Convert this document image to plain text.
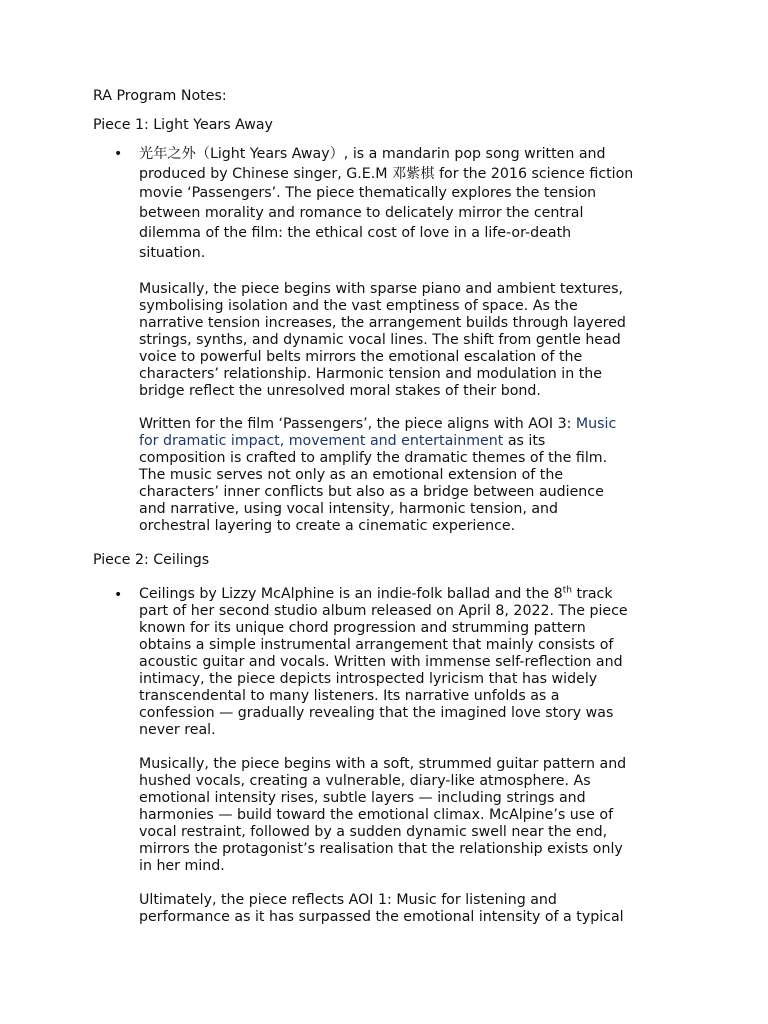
RA Program Notes:
Piece 1: Light Years Away
• 光年之外（Light Years Away）, is a mandarin pop song written and
produced by Chinese singer, G.E.M 邓紫棋 for the 2016 science fiction
movie ‘Passengers’. The piece thematically explores the tension
between morality and romance to delicately mirror the central
dilemma of the film: the ethical cost of love in a life-or-death
situation.

Musically, the piece begins with sparse piano and ambient textures,
symbolising isolation and the vast emptiness of space. As the
narrative tension increases, the arrangement builds through layered
strings, synths, and dynamic vocal lines. The shift from gentle head
voice to powerful belts mirrors the emotional escalation of the
characters’ relationship. Harmonic tension and modulation in the
bridge reflect the unresolved moral stakes of their bond.

Written for the film ‘Passengers’, the piece aligns with AOI 3: Music
for dramatic impact, movement and entertainment as its
composition is crafted to amplify the dramatic themes of the film.
The music serves not only as an emotional extension of the
characters’ inner conflicts but also as a bridge between audience
and narrative, using vocal intensity, harmonic tension, and
orchestral layering to create a cinematic experience.

Piece 2: Ceilings
• Ceilings by Lizzy McAlphine is an indie-folk ballad and the 8th track
part of her second studio album released on April 8, 2022. The piece
known for its unique chord progression and strumming pattern
obtains a simple instrumental arrangement that mainly consists of
acoustic guitar and vocals. Written with immense self-reflection and
intimacy, the piece depicts introspected lyricism that has widely
transcendental to many listeners. Its narrative unfolds as a
confession — gradually revealing that the imagined love story was
never real.

Musically, the piece begins with a soft, strummed guitar pattern and
hushed vocals, creating a vulnerable, diary-like atmosphere. As
emotional intensity rises, subtle layers — including strings and
harmonies — build toward the emotional climax. McAlpine’s use of
vocal restraint, followed by a sudden dynamic swell near the end,
mirrors the protagonist’s realisation that the relationship exists only
in her mind.

Ultimately, the piece reflects AOI 1: Music for listening and
performance as it has surpassed the emotional intensity of a typical
